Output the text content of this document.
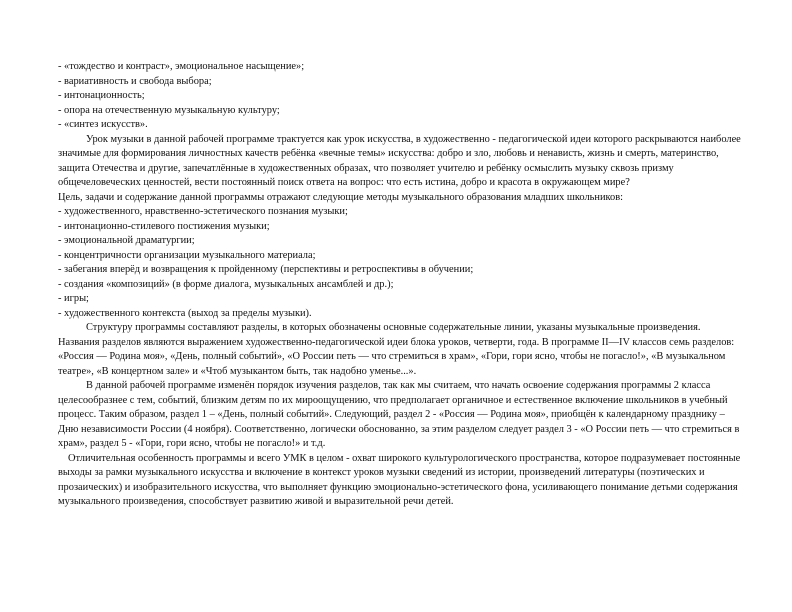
- «тождество и контраст», эмоциональное насыщение»;

- вариативность и свобода выбора;

- интонационность;

- опора на отечественную музыкальную культуру;

- «синтез искусств».

Урок музыки в данной рабочей программе трактуется как урок искусства, в художественно - педагогической идеи которого раскрываются наиболее значимые для формирования личностных качеств ребёнка «вечные темы» искусства: добро и зло, любовь и ненависть, жизнь и смерть, материнство, защита Отечества и другие, запечатлённые в художественных образах, что позволяет учителю и ребёнку осмыслить музыку сквозь призму общечеловеческих ценностей, вести постоянный поиск ответа на вопрос: что есть истина, добро и красота в окружающем мире?

Цель, задачи и содержание данной программы отражают следующие методы музыкального образования младших школьников:

- художественного, нравственно-эстетического познания музыки;

- интонационно-стилевого постижения музыки;

- эмоциональной драматургии;

- концентричности организации музыкального материала;

- забегания вперёд и возвращения к пройденному (перспективы и ретроспективы в обучении;

- создания «композиций» (в форме диалога, музыкальных ансамблей и др.);

- игры;

- художественного контекста (выход за пределы музыки).

Структуру программы составляют разделы, в которых обозначены основные содержательные линии, указаны музыкальные произведения. Названия разделов являются выражением художественно-педагогической идеи блока уроков, четверти, года. В программе II—IV классов семь разделов: «Россия — Родина моя», «День, полный событий», «О России петь — что стремиться в храм», «Гори, гори ясно, чтобы не погасло!», «В музыкальном театре», «В концертном зале» и «Чтоб музыкантом быть, так надобно уменье...».

В данной рабочей программе изменён порядок изучения разделов, так как мы считаем, что начать освоение содержания программы 2 класса целесообразнее с тем, событий, близким детям по их мироощущению, что предполагает органичное и естественное включение школьников в учебный процесс. Таким образом, раздел 1 – «День, полный событий». Следующий, раздел 2 - «Россия — Родина моя», приобщён к календарному празднику – Дню независимости России (4 ноября). Соответственно, логически обоснованно, за этим разделом следует раздел 3 - «О России петь — что стремиться в храм», раздел 5 - «Гори, гори ясно, чтобы не погасло!» и т.д.

Отличительная особенность программы и всего УМК в целом - охват широкого культурологического пространства, которое подразумевает постоянные выходы за рамки музыкального искусства и включение в контекст уроков музыки сведений из истории, произведений литературы (поэтических и прозаических) и изобразительного искусства, что выполняет функцию эмоционально-эстетического фона, усиливающего понимание детьми содержания музыкального произведения, способствует развитию живой и выразительной речи детей.
